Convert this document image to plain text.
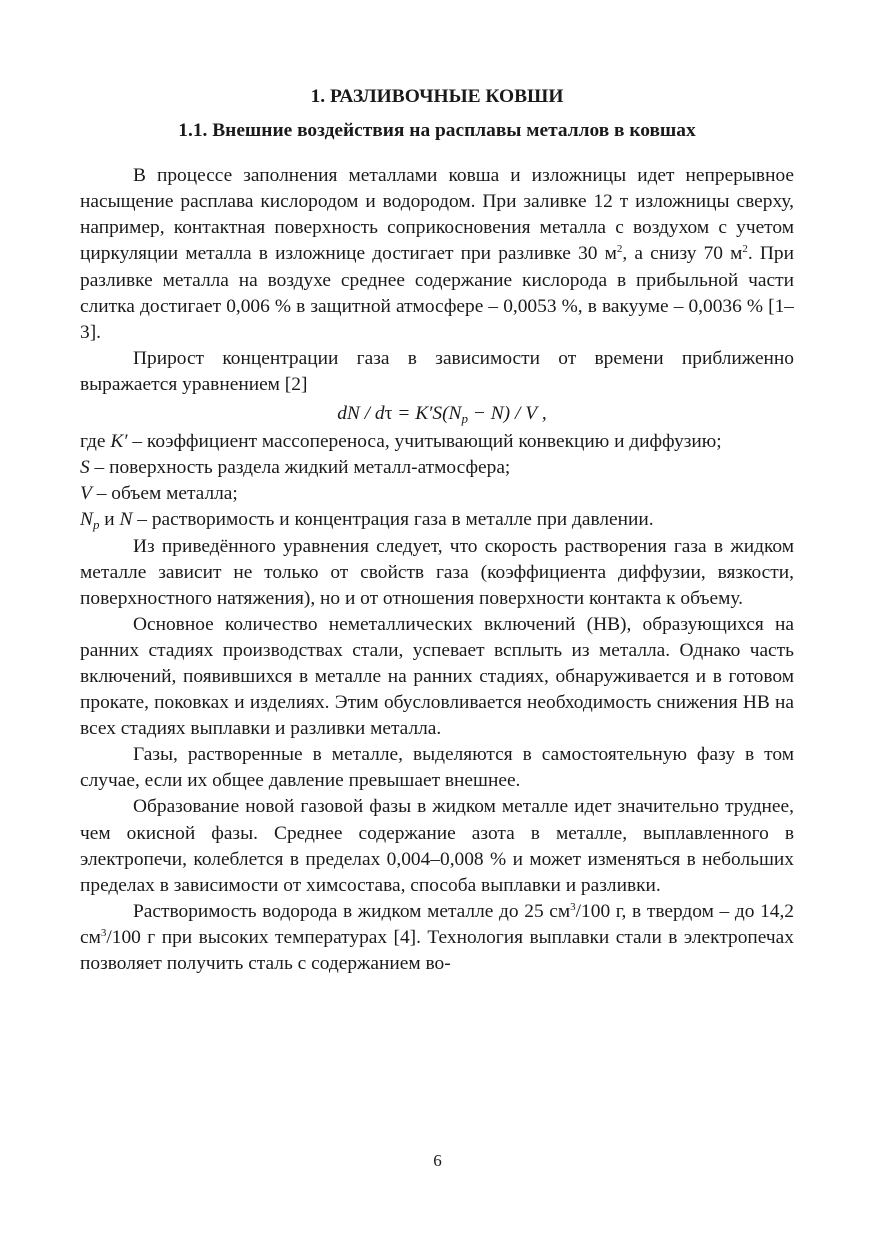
1. РАЗЛИВОЧНЫЕ КОВШИ
1.1. Внешние воздействия на расплавы металлов в ковшах

В процессе заполнения металлами ковша и изложницы идет непрерывное насыщение расплава кислородом и водородом. При заливке 12 т изложницы сверху, например, контактная поверхность соприкосновения металла с воздухом с учетом циркуляции металла в изложнице достигает при разливке 30 $м^2$, а снизу 70 $м^2$. При разливке металла на воздухе среднее содержание кислорода в прибыльной части слитка достигает 0,006 % в защитной атмосфере – 0,0053 %, в вакууме – 0,0036 % [1–3].

Прирост концентрации газа в зависимости от времени приближенно выражается уравнением [2]

dN / $d\tau = K'S(N_p - N) / V$ ,

где K′ – коэффициент массопереноса, учитывающий конвекцию и диффузию;

S – поверхность раздела жидкий металл-атмосфера;

V – объем металла;

$N_p$ и N – растворимость и концентрация газа в металле при давлении.

Из приведённого уравнения следует, что скорость растворения газа в жидком металле зависит не только от свойств газа (коэффициента диффузии, вязкости, поверхностного натяжения), но и от отношения поверхности контакта к объему.

Основное количество неметаллических включений (НВ), образующихся на ранних стадиях производствах стали, успевает всплыть из металла. Однако часть включений, появившихся в металле на ранних стадиях, обнаруживается и в готовом прокате, поковках и изделиях. Этим обусловливается необходимость снижения НВ на всех стадиях выплавки и разливки металла.

Газы, растворенные в металле, выделяются в самостоятельную фазу в том случае, если их общее давление превышает внешнее.

Образование новой газовой фазы в жидком металле идет значительно труднее, чем окисной фазы. Среднее содержание азота в металле, выплавленного в электропечи, колеблется в пределах 0,004–0,008 % и может изменяться в небольших пределах в зависимости от химсостава, способа выплавки и разливки.

Растворимость водорода в жидком металле до 25 $см^3/100$ г, в твердом – до 14,2 $см^3/100$ г при высоких температурах [4]. Технология выплавки стали в электропечах позволяет получить сталь с содержанием во-

6
